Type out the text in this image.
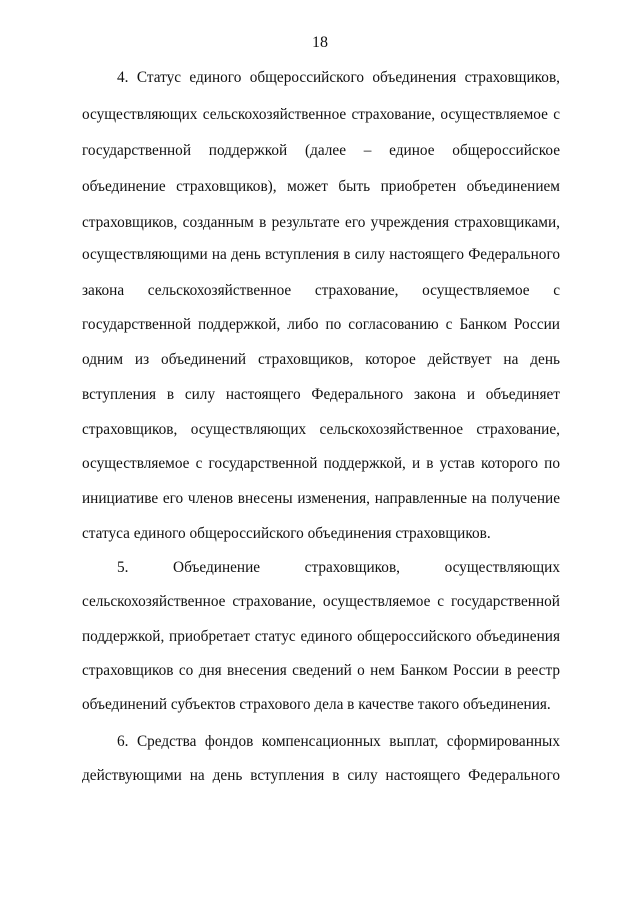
18
4. Статус единого общероссийского объединения страховщиков,
осуществляющих сельскохозяйственное страхование, осуществляемое с
государственной поддержкой (далее – единое общероссийское
объединение страховщиков), может быть приобретен объединением
страховщиков, созданным в результате его учреждения страховщиками,
осуществляющими на день вступления в силу настоящего Федерального
закона сельскохозяйственное страхование, осуществляемое с
государственной поддержкой, либо по согласованию с Банком России
одним из объединений страховщиков, которое действует на день
вступления в силу настоящего Федерального закона и объединяет
страховщиков, осуществляющих сельскохозяйственное страхование,
осуществляемое с государственной поддержкой, и в устав которого по
инициативе его членов внесены изменения, направленные на получение
статуса единого общероссийского объединения страховщиков.
5. Объединение страховщиков, осуществляющих
сельскохозяйственное страхование, осуществляемое с государственной
поддержкой, приобретает статус единого общероссийского объединения
страховщиков со дня внесения сведений о нем Банком России в реестр
объединений субъектов страхового дела в качестве такого объединения.
6. Средства фондов компенсационных выплат, сформированных
действующими на день вступления в силу настоящего Федерального
